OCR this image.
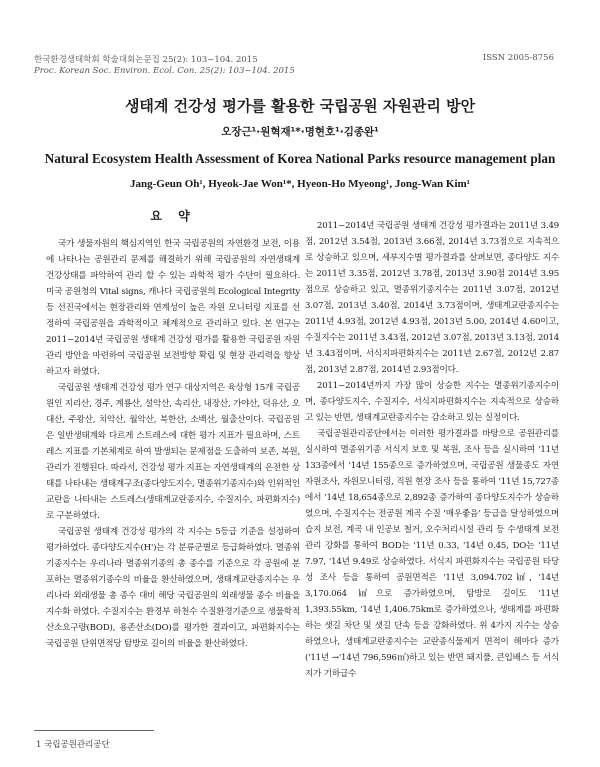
한국환경생태학회 학술대회논문집 25(2): 103~104. 2015
Proc. Korean Soc. Environ. Ecol. Con. 25(2): 103~104. 2015
ISSN 2005-8756
생태계 건강성 평가를 활용한 국립공원 자원관리 방안
오장근¹·원혁재¹*·명현호¹·김종완¹
Natural Ecosystem Health Assessment of Korea National Parks resource management plan
Jang-Geun Oh¹, Hyeok-Jae Won¹*, Hyeon-Ho Myeong¹, Jong-Wan Kim¹
요 약

국가 생물자원의 핵심지역인 한국 국립공원의 자연환경 보전, 이용에 나타나는 공원관리 문제를 해결하기 위해 국립공원의 자연생태계 건강상태를 파악하여 관리 할 수 있는 과학적 평가 수단이 필요하다. 미국 공원청의 Vital signs, 캐나다 국립공원의 Ecological Integrity 등 선진국에서는 현장관리와 연계성이 높은 자원 모니터링 지표를 선정하여 국립공원을 과학적이고 체계적으로 관리하고 있다. 본 연구는 2011~2014년 국립공원 생태계 건강성 평가를 활용한 국립공원 자원관리 방안을 마련하여 국립공원 보전방향 확립 및 현장 관리력을 향상하고자 하였다.

국립공원 생태계 건강성 평가 연구 대상지역은 육상형 15개 국립공원인 지리산, 경주, 계룡산, 설악산, 속리산, 내장산, 가야산, 덕유산, 오대산, 주왕산, 치악산, 월악산, 북한산, 소백산, 월출산이다. 국립공원은 일반생태계와 다르게 스트레스에 대한 평가 지표가 필요하며, 스트레스 지표를 기본체계로 하여 발생되는 문제점을 도출하여 보존, 복원, 관리가 진행된다. 따라서, 건강성 평가 지표는 자연생태계의 온전한 상태를 나타내는 생태계구조(종다양도지수, 멸종위기종지수)와 인위적인 교란을 나타내는 스트레스(생태계교란종지수, 수질지수, 파편화지수)로 구분하였다.

국립공원 생태계 건강성 평가의 각 지수는 5등급 기준을 설정하여 평가하였다. 종다양도지수(H')는 각 분류군별로 등급화하였다. 멸종위기종지수는 우리나라 멸종위기종의 총 종수를 기준으로 각 공원에 분포하는 멸종위기종수의 비율을 환산하였으며, 생태계교란종지수는 우리나라 외래생물 총 종수 대비 해당 국립공원의 외래생물 종수 비율을 지수화 하였다. 수질지수는 환경부 하천수 수질환경기준으로 생물학적 산소요구량(BOD), 용존산소(DO)를 평가한 결과이고, 파편화지수는 국립공원 단위면적당 탐방로 길이의 비율을 환산하였다.

2011~2014년 국립공원 생태계 건강성 평가결과는 2011년 3.49점, 2012년 3.54점, 2013년 3.66점, 2014년 3.73점으로 지속적으로 상승하고 있으며, 세부지수별 평가결과를 살펴보면, 종다양도 지수는 2011년 3.35점, 2012년 3.78점, 2013년 3.90점 2014년 3.95점으로 상승하고 있고, 멸종위기종지수는 2011년 3.07점, 2012년 3.07점, 2013년 3.40점, 2014년 3.73점이며, 생태계교란종지수는 2011년 4.93점, 2012년 4.93점, 2013년 5.00, 2014년 4.60이고, 수질지수는 2011년 3.43점, 2012년 3.07점, 2013년 3.13점, 2014년 3.43점이며, 서식지파편화지수는 2011년 2.67점, 2012년 2.87점, 2013년 2.87점, 2014년 2.93점이다.

2011~2014년까지 가장 많이 상승한 지수는 멸종위기종지수이며, 종다양도지수, 수질지수, 서식지파편화지수는 지속적으로 상승하고 있는 반면, 생태계교란종지수는 감소하고 있는 실정이다.

국립공원관리공단에서는 이러한 평가결과를 바탕으로 공원관리를 실시하여 멸종위기종 서식지 보호 및 복원, 조사 등을 실시하여 '11년 133종에서 '14년 155종으로 증가하였으며, 국립공원 생물종도 자연자원조사, 자원모니터링, 직원 현장 조사 등을 통하여 '11년 15,727종에서 '14년 18,654종으로 2,892종 증가하여 종다양도지수가 상승하였으며, 수질지수는 전공원 계곡 수질 '매우좋음' 등급을 달성하였으며 습지 보전, 계곡 내 인공보 철거, 오수처리시설 관리 등 수생태계 보전관리 강화를 통하여 BOD는 '11년 0.33, '14년 0.45, DO는 '11년 7.97, '14년 9.49로 상승하였다. 서식지 파편화지수는 국립공원 타당성 조사 등을 통하여 공원면적은 '11년 3,094.702㎢, '14년3,170.064 ㎢으로 증가하였으며, 탐방로 길이도 '11년 1,393.55km, '14년 1,406.75km로 증가하였으나, 생태계를 파편화하는 샛길 차단 및 샛길 단속 등을 강화하였다. 위 4가지 지수는 상승하였으나, 생태계교란종지수는 교란종식물제거 면적이 해마다 증가('11년 →'14년 796,596㎡)하고 있는 반면 돼지풀, 큰입배스 등 서식지가 기하급수

1 국립공원관리공단
